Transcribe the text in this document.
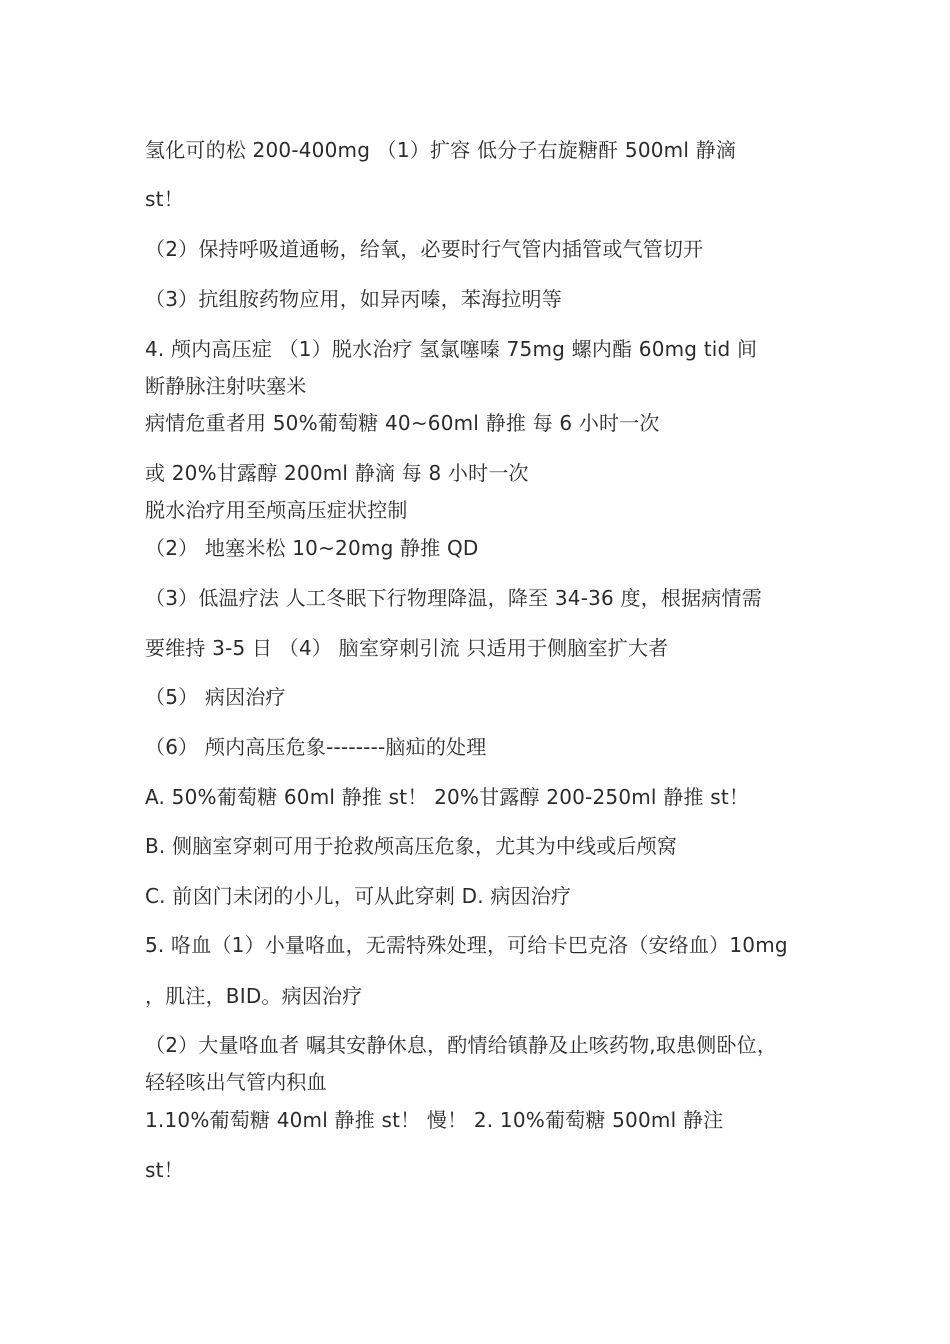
氢化可的松 200-400mg （1）扩容 低分子右旋糖酐 500ml 静滴
st！
（2）保持呼吸道通畅，给氧，必要时行气管内插管或气管切开
（3）抗组胺药物应用，如异丙嗪，苯海拉明等
4. 颅内高压症 （1）脱水治疗 氢氯噻嗪 75mg 螺内酯 60mg tid 间
断静脉注射呋塞米
病情危重者用 50%葡萄糖 40~60ml 静推 每 6 小时一次
或 20%甘露醇 200ml 静滴 每 8 小时一次
脱水治疗用至颅高压症状控制
（2） 地塞米松 10~20mg 静推 QD
（3）低温疗法 人工冬眠下行物理降温，降至 34-36 度，根据病情需
要维持 3-5 日 （4） 脑室穿刺引流 只适用于侧脑室扩大者
（5） 病因治疗
（6） 颅内高压危象--------脑疝的处理
A. 50%葡萄糖 60ml 静推 st！ 20%甘露醇 200-250ml 静推 st！
B. 侧脑室穿刺可用于抢救颅高压危象，尤其为中线或后颅窝
C. 前囟门未闭的小儿，可从此穿刺 D. 病因治疗
5. 咯血（1）小量咯血，无需特殊处理，可给卡巴克洛（安络血）10mg
，肌注，BID。病因治疗
（2）大量咯血者 嘱其安静休息，酌情给镇静及止咳药物,取患侧卧位，
轻轻咳出气管内积血
1.10%葡萄糖 40ml 静推 st！ 慢！ 2. 10%葡萄糖 500ml 静注
st！
